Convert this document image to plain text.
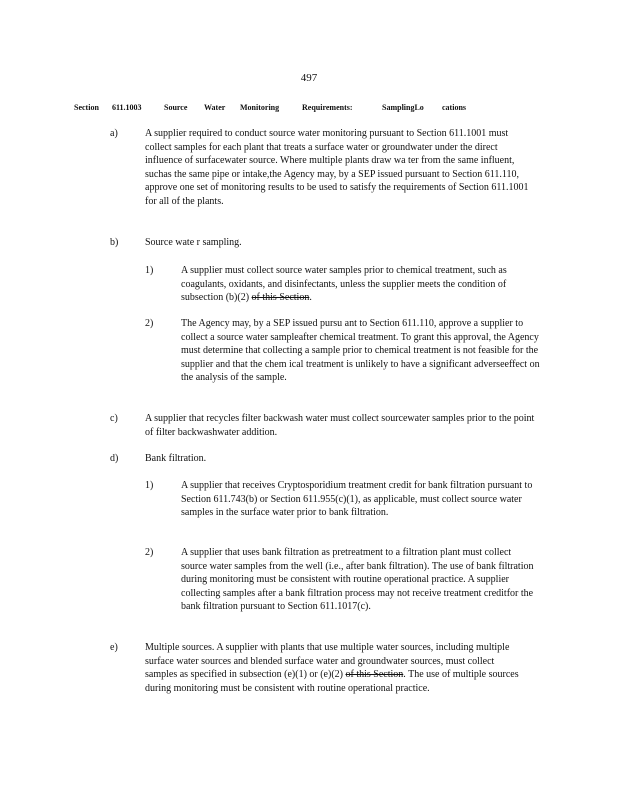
497
Section 611.1003	Source Water Monitoring	Requirements:	SamplingLo cations
a)	A supplier required to conduct source water monitoring pursuant to Section 611.1001 must collect samples for each plant that treats a surface water or groundwater under the direct influence of surfacewater source. Where multiple plants draw wa ter from the same influent, suchas the same pipe or intake,the Agency may, by a SEP issued pursuant to Section 611.110, approve one set of monitoring results to be used to satisfy the requirements of Section 611.1001 for all of the plants.
b)	Source wate r sampling.
1)	A supplier must collect source water samples prior to chemical treatment, such as coagulants, oxidants, and disinfectants, unless the supplier meets the condition of subsection (b)(2) of this Section.
2)	The Agency may, by a SEP issued pursu ant to Section 611.110, approve a supplier to collect a source water sampleafter chemical treatment. To grant this approval, the Agency must determine that collecting a sample prior to chemical treatment is not feasible for the supplier and that the chem ical treatment is unlikely to have a significant adverseeffect on the analysis of the sample.
c)	A supplier that recycles filter backwash water must collect sourcewater samples prior to the point of filter backwashwater addition.
d)	Bank filtration.
1)	A supplier that receives Cryptosporidium treatment credit for bank filtration pursuant to Section 611.743(b) or Section 611.955(c)(1), as applicable, must collect source water samples in the surface water prior to bank filtration.
2)	A supplier that uses bank filtration as pretreatment to a filtration plant must collect source water samples from the well (i.e., after bank filtration). The use of bank filtration during monitoring must be consistent with routine operational practice. A supplier collecting samples after a bank filtration process may not receive treatment creditfor the bank filtration pursuant to Section 611.1017(c).
e)	Multiple sources. A supplier with plants that use multiple water sources, including multiple surface water sources and blended surface water and groundwater sources, must collect samples as specified in subsection (e)(1) or (e)(2) of this Section. The use of multiple sources during monitoring must be consistent with routine operational practice.
